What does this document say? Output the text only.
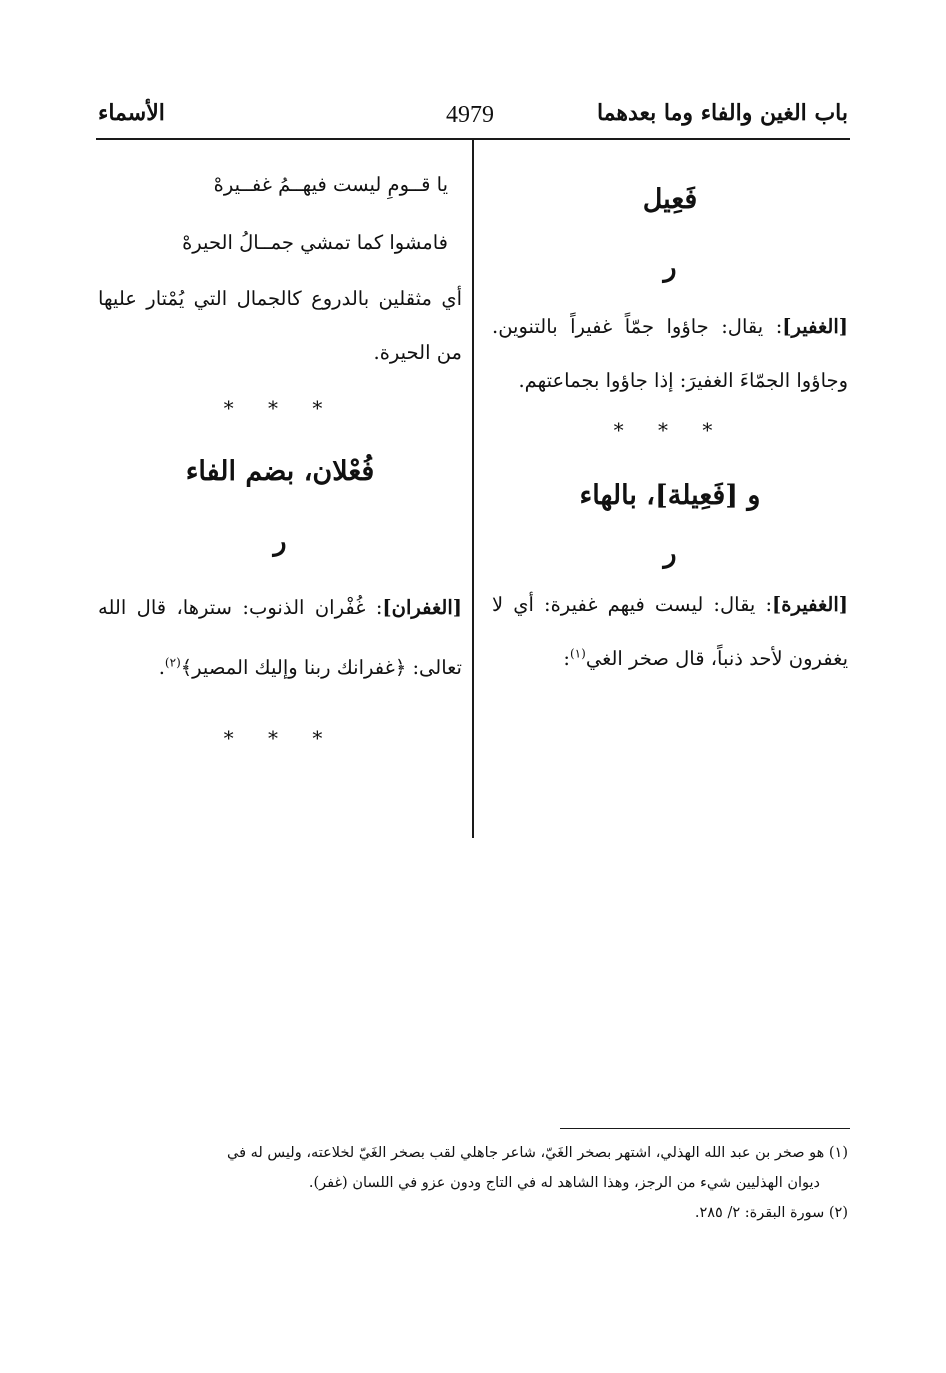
باب الغين والفاء وما بعدهما
4979
الأسماء
فَعِيل
ر
[الغفير]: يقال: جاؤوا جمّاً غفيراً بالتنوين. وجاؤوا الجمّاءَ الغفيرَ: إذا جاؤوا بجماعتهم.
* * *
و [فَعِيلة]، بالهاء
ر
[الغفيرة]: يقال: ليست فيهم غفيرة: أي لا يغفرون لأحد ذنباً، قال صخر الغي$^{(١)}$:
يا قــومِ ليست فيهــمُ غفــيرهْ
فامشوا كما تمشي جمــالُ الحيرهْ
أي مثقلين بالدروع كالجمال التي يُمْتار عليها من الحيرة.
* * *
فُعْلان، بضم الفاء
ر
[الغفران]: غُفْران الذنوب: سترها، قال الله تعالى: ﴿غفرانك ربنا وإليك المصير﴾$^{(٢)}$.
* * *
(١) هو صخر بن عبد الله الهذلي، اشتهر بصخر الغَيّ، شاعر جاهلي لقب بصخر الغَيّ لخلاعته، وليس له في
ديوان الهذليين شيء من الرجز، وهذا الشاهد له في التاج ودون عزو في اللسان (غفر).
(٢) سورة البقرة: ٢/ ٢٨٥.
